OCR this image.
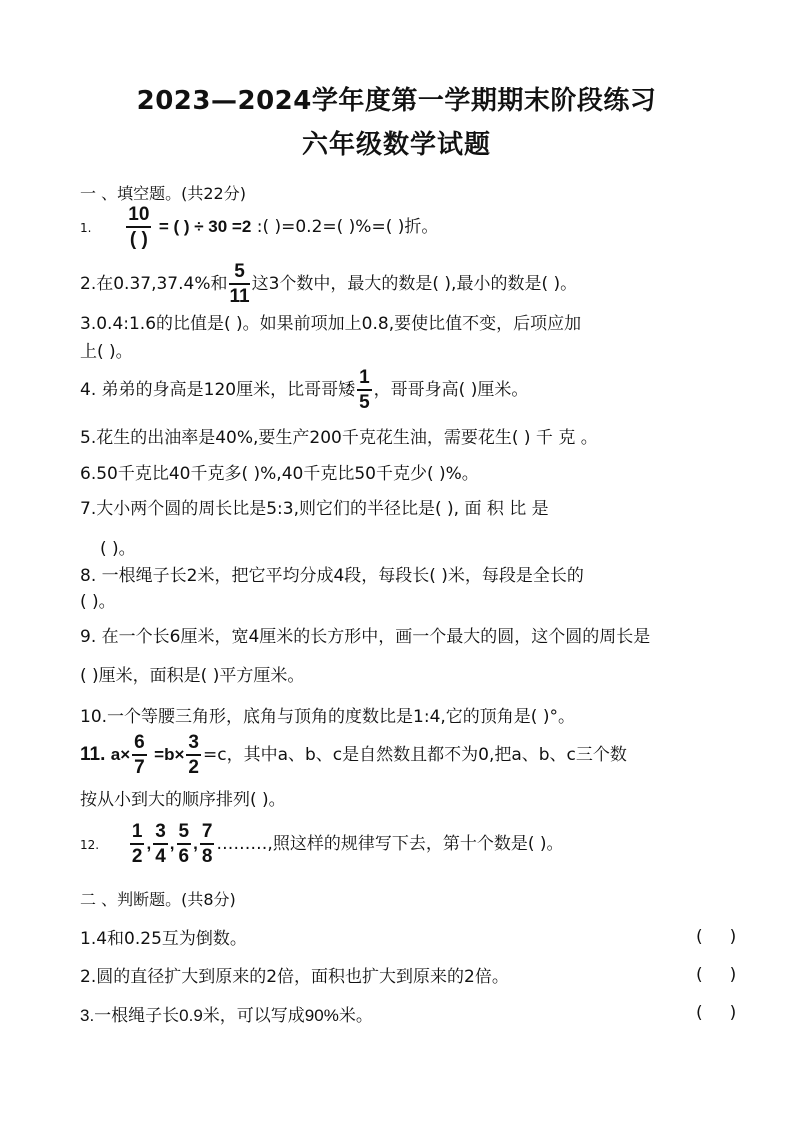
2023—2024学年度第一学期期末阶段练习
六年级数学试题
一 、填空题。(共22分)
1. $\frac{10}{( )}$ = ( ) ÷ 30 =2 :( )=0.2=( )%=( )折。
2.在0.37,37.4%和 $\frac{5}{11}$ 这3个数中，最大的数是( ),最小的数是( )。
3.0.4:1.6的比值是( )。如果前项加上0.8,要使比值不变，后项应加
上( )。
4. 弟弟的身高是120厘米，比哥哥矮 $\frac{1}{5}$ ，哥哥身高( )厘米。
5.花生的出油率是40%,要生产200千克花生油，需要花生( ) 千 克 。
6.50千克比40千克多( )%,40千克比50千克少( )%。
7.大小两个圆的周长比是5:3,则它们的半径比是( ), 面 积 比 是
( )。
8. 一根绳子长2米，把它平均分成4段，每段长( )米，每段是全长的
( )。
9. 在一个长6厘米，宽4厘米的长方形中，画一个最大的圆，这个圆的周长是
( )厘米，面积是( )平方厘米。
10.一个等腰三角形，底角与顶角的度数比是1:4,它的顶角是( )°。
11. $a\times \frac{6}{7} =b\times \frac{3}{2} =c$，其中a、b、c是自然数且都不为0,把a、b、c三个数
按从小到大的顺序排列( )。
12. $\frac{1}{2}$ , $\frac{3}{4}$ , $\frac{5}{6}$ , $\frac{7}{8}$ ………,照这样的规律写下去，第十个数是( )。
二 、判断题。(共8分)
1.4和0.25互为倒数。	(     )
2.圆的直径扩大到原来的2倍，面积也扩大到原来的2倍。	(     )
3.一根绳子长0.9米，可以写成90%米。	(     )
